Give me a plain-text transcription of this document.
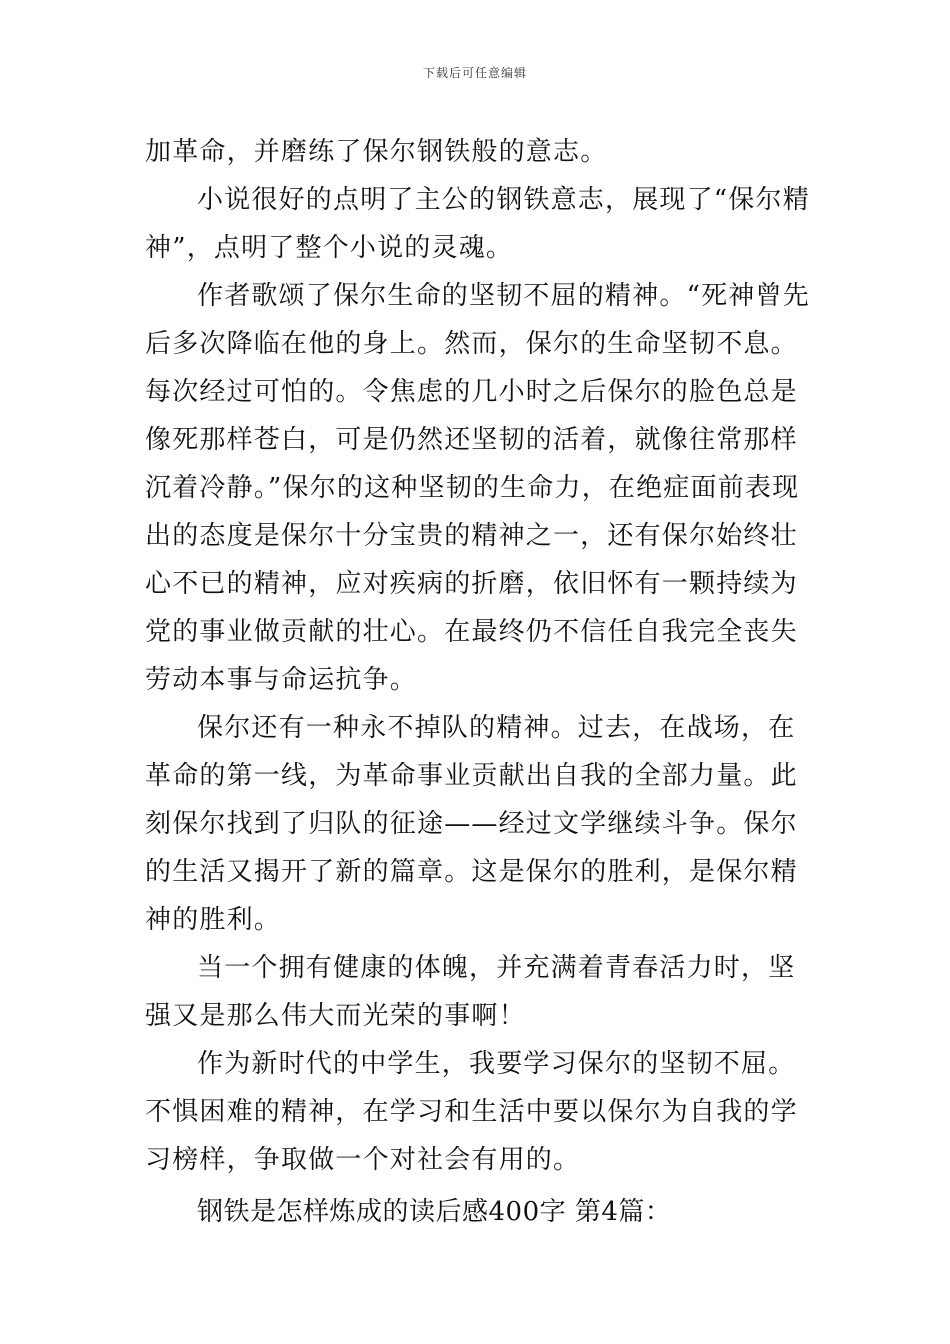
下载后可任意编辑

加革命，并磨练了保尔钢铁般的意志。

小说很好的点明了主公的钢铁意志，展现了“保尔精神”，点明了整个小说的灵魂。

作者歌颂了保尔生命的坚韧不屈的精神。“死神曾先后多次降临在他的身上。然而，保尔的生命坚韧不息。每次经过可怕的。令焦虑的几小时之后保尔的脸色总是像死那样苍白，可是仍然还坚韧的活着，就像往常那样沉着冷静。”保尔的这种坚韧的生命力，在绝症面前表现出的态度是保尔十分宝贵的精神之一，还有保尔始终壮心不已的精神，应对疾病的折磨，依旧怀有一颗持续为党的事业做贡献的壮心。在最终仍不信任自我完全丧失劳动本事与命运抗争。

保尔还有一种永不掉队的精神。过去，在战场，在革命的第一线，为革命事业贡献出自我的全部力量。此刻保尔找到了归队的征途——经过文学继续斗争。保尔的生活又揭开了新的篇章。这是保尔的胜利，是保尔精神的胜利。

当一个拥有健康的体魄，并充满着青春活力时，坚强又是那么伟大而光荣的事啊！

作为新时代的中学生，我要学习保尔的坚韧不屈。不惧困难的精神，在学习和生活中要以保尔为自我的学习榜样，争取做一个对社会有用的。

钢铁是怎样炼成的读后感400字 第4篇：
